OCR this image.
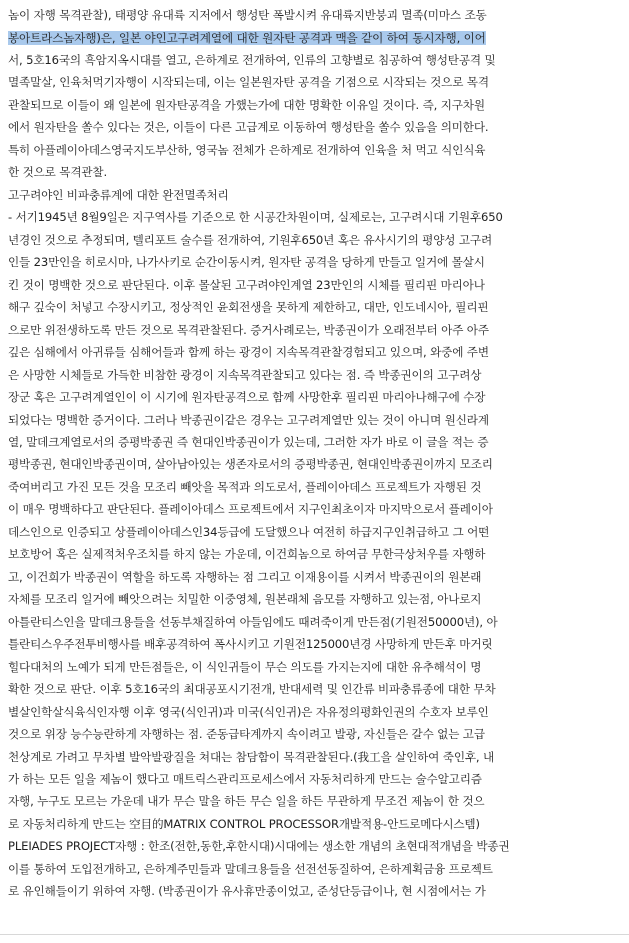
놈이 자행 목격관찰), 태평양 유대륙 지저에서 행성탄 폭발시켜 유대륙지반붕괴 멸족(미마스 조동
봉아트라스놈자행)은, 일본 야인고구려계열에 대한 원자탄 공격과 맥을 같이 하여 동시자행, 이어
서, 5호16국의 흑암지옥시대를 열고, 은하계로 전개하여, 인류의 고향별로 침공하여 행성탄공격 및
멸족말살, 인육처먹기자행이 시작되는데, 이는 일본원자탄 공격을 기점으로 시작되는 것으로 목격
관찰되므로 이들이 왜 일본에 원자탄공격을 가했는가에 대한 명확한 이유일 것이다. 즉, 지구차원
에서 원자탄을 쏠수 있다는 것은, 이들이 다른 고급계로 이동하여 행성탄을 쏠수 있음을 의미한다.
특히 아플레이아데스영국지도부산하, 영국놈 전체가 은하계로 전개하여 인육을 처 먹고 식인식육
한 것으로 목격관찰.
고구려야인 비파충류계에 대한 완전멸족처리
- 서기1945년 8월9일은 지구역사를 기준으로 한 시공간차원이며, 실제로는, 고구려시대 기원후650
년경인 것으로 추정되며, 텔리포트 술수를 전개하여, 기원후650년 혹은 유사시기의 평양성 고구려
인들 23만인을 히로시마, 나가사키로 순간이동시켜, 원자탄 공격을 당하게 만들고 일거에 몰살시
킨 것이 명백한 것으로 판단된다. 이후 몰살된 고구려야인계열 23만인의 시체를 필리핀 마리아나
해구 깊숙이 처넣고 수장시키고, 정상적인 윤회전생을 못하게 제한하고, 대만, 인도네시아, 필리핀
으로만 위전생하도록 만든 것으로 목격관찰된다. 증거사례로는, 박종권이가 오래전부터 아주 아주
깊은 심해에서 아귀류들 심해어들과 함께 하는 광경이 지속목격관찰경험되고 있으며, 와중에 주변
은 사망한 시체들로 가득한 비참한 광경이 지속목격관찰되고 있다는 점. 즉 박종권이의 고구려상
장군 혹은 고구려계열인이 이 시기에 원자탄공격으로 함께 사망한후 필리핀 마리아나해구에 수장
되었다는 명백한 증거이다. 그러나 박종권이같은 경우는 고구려계열만 있는 것이 아니며 원신라계
열, 말데크계열로서의 증평박종권 즉 현대인박종권이가 있는데, 그러한 자가 바로 이 글을 적는 증
평박종권, 현대인박종권이며, 살아남아있는 생존자로서의 증평박종권, 현대인박종권이까지 모조리
죽여버리고 가진 모든 것을 모조리 빼앗을 목적과 의도로서, 플레이아데스 프로젝트가 자행된 것
이 매우 명백하다고 판단된다. 플레이아데스 프로젝트에서 지구인최초이자 마지막으로서 플레이아
데스인으로 인증되고 상플레이아데스인34등급에 도달했으나 여전히 하급지구인취급하고 그 어떤
보호방어 혹은 실제적처우조치를 하지 않는 가운데, 이건희놈으로 하여금 무한극상처우를 자행하
고, 이건희가 박종권이 역할을 하도록 자행하는 점 그리고 이재용이를 시켜서 박종권이의 원본래
자체를 모조리 일거에 빼앗으려는 치밀한 이중영체, 원본래체 음모를 자행하고 있는점, 아나로지
아틀란티스인을 말데크용들을 선동부채질하여 아들임에도 때려죽이게 만든점(기원전50000년), 아
틀란티스우주전투비행사를 배후공격하여 폭사시키고 기원전125000년경 사망하게 만든후 마거릿
힐다대처의 노예가 되게 만든점들은, 이 식인귀들이 무슨 의도를 가지는지에 대한 유추해석이 명
확한 것으로 판단. 이후 5호16국의 최대공포시기전개, 반대세력 및 인간류 비파충류종에 대한 무차
별살인학살식육식인자행 이후 영국(식인귀)과 미국(식인귀)은 자유정의평화인권의 수호자 보루인
것으로 위장 능수능란하게 자행하는 점. 준동급타계까지 속이려고 발광, 자신들은 갈수 없는 고급
천상계로 가려고 무차별 발악발광질을 쳐대는 참담함이 목격관찰된다.(我工을 살인하여 죽인후, 내
가 하는 모든 일을 제놈이 했다고 매트릭스관리프로세스에서 자동처리하게 만드는 술수알고리즘
자행, 누구도 모르는 가운데 내가 무슨 말을 하든 무슨 일을 하든 무관하게 무조건 제놈이 한 것으
로 자동처리하게 만드는 空目的MATRIX CONTROL PROCESSOR개발적용-안드로메다시스템)
PLEIADES PROJECT자행 : 한조(전한,동한,후한시대)시대에는 생소한 개념의 초현대적개념을 박종권
이를 통하여 도입전개하고, 은하계주민들과 말데크용들을 선전선동질하여, 은하계획금융 프로젝트
로 유인해들이기 위하여 자행. (박종권이가 유사휴만종이었고, 준성단등급이나, 현 시점에서는 가
